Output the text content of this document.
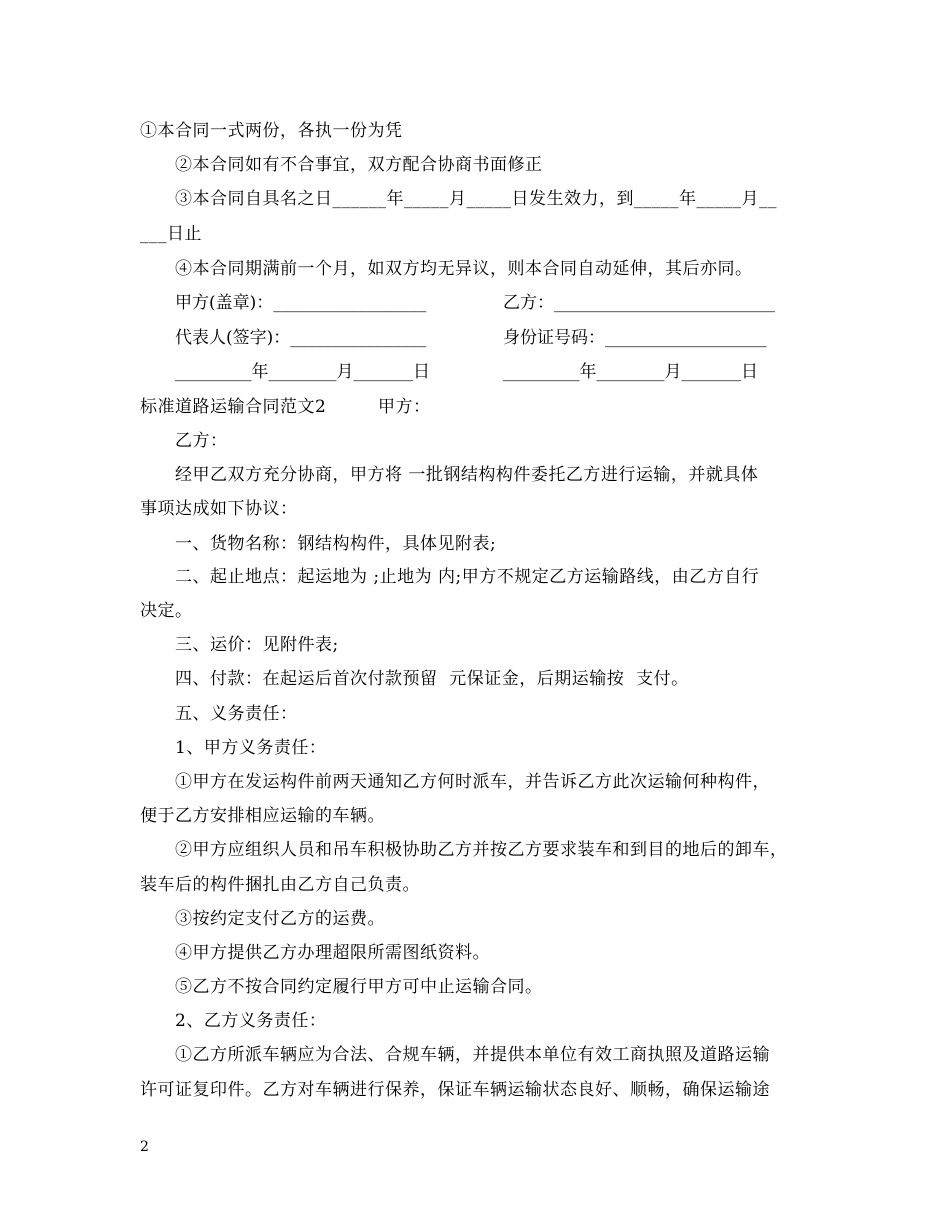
①本合同一式两份，各执一份为凭
②本合同如有不合事宜，双方配合协商书面修正
③本合同自具名之日______年_____月_____日发生效力，到_____年_____月__
___日止
④本合同期满前一个月，如双方均无异议，则本合同自动延伸，其后亦同。
甲方(盖章)：__________________	乙方：__________________________
代表人(签字)：________________	身份证号码：___________________
_________年________月_______日	_________年________月_______日
标准道路运输合同范文2	甲方：
乙方：
经甲乙双方充分协商，甲方将 一批钢结构构件委托乙方进行运输，并就具体
事项达成如下协议：
一、货物名称：钢结构构件，具体见附表;
二、起止地点：起运地为 ;止地为 内;甲方不规定乙方运输路线，由乙方自行
决定。
三、运价：见附件表;
四、付款：在起运后首次付款预留  元保证金，后期运输按  支付。
五、义务责任：
1、甲方义务责任：
①甲方在发运构件前两天通知乙方何时派车，并告诉乙方此次运输何种构件，
便于乙方安排相应运输的车辆。
②甲方应组织人员和吊车积极协助乙方并按乙方要求装车和到目的地后的卸车，
装车后的构件捆扎由乙方自己负责。
③按约定支付乙方的运费。
④甲方提供乙方办理超限所需图纸资料。
⑤乙方不按合同约定履行甲方可中止运输合同。
2、乙方义务责任：
①乙方所派车辆应为合法、合规车辆，并提供本单位有效工商执照及道路运输
许可证复印件。乙方对车辆进行保养，保证车辆运输状态良好、顺畅，确保运输途
2
